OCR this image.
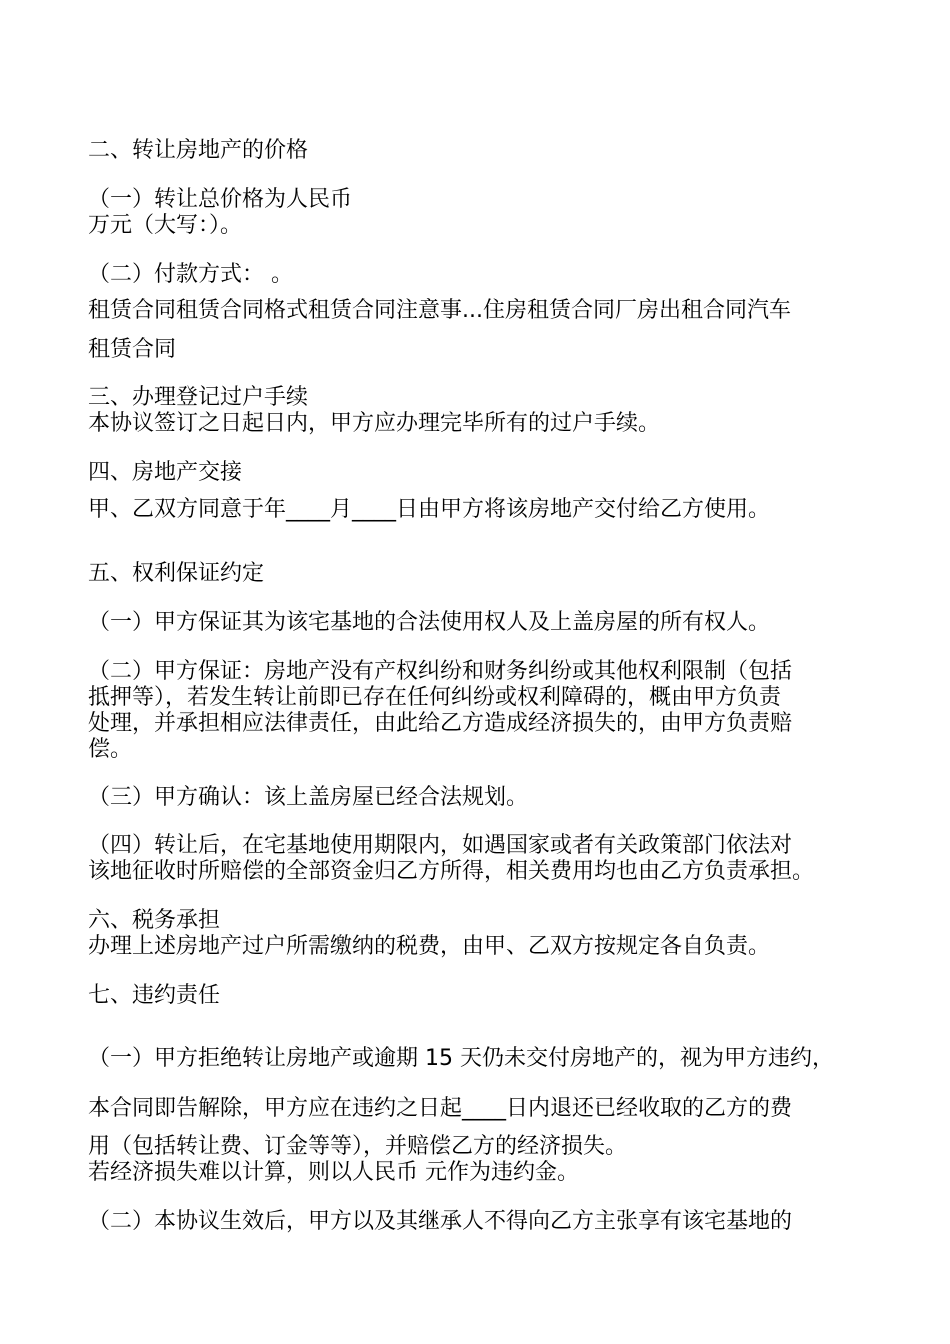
二、转让房地产的价格

（一）转让总价格为人民币

万元（大写：）。

（二）付款方式： 。

租赁合同租赁合同格式租赁合同注意事...住房租赁合同厂房出租合同汽车

租赁合同

三、办理登记过户手续

本协议签订之日起日内，甲方应办理完毕所有的过户手续。

四、房地产交接

甲、乙双方同意于年____月____日由甲方将该房地产交付给乙方使用。

五、权利保证约定

（一）甲方保证其为该宅基地的合法使用权人及上盖房屋的所有权人。

（二）甲方保证：房地产没有产权纠纷和财务纠纷或其他权利限制（包括

抵押等），若发生转让前即已存在任何纠纷或权利障碍的，概由甲方负责

处理，并承担相应法律责任，由此给乙方造成经济损失的，由甲方负责赔

偿。

（三）甲方确认：该上盖房屋已经合法规划。

（四）转让后，在宅基地使用期限内，如遇国家或者有关政策部门依法对

该地征收时所赔偿的全部资金归乙方所得，相关费用均也由乙方负责承担。

六、税务承担

办理上述房地产过户所需缴纳的税费，由甲、乙双方按规定各自负责。

七、违约责任

（一）甲方拒绝转让房地产或逾期 15 天仍未交付房地产的，视为甲方违约，

本合同即告解除，甲方应在违约之日起____日内退还已经收取的乙方的费

用（包括转让费、订金等等），并赔偿乙方的经济损失。

若经济损失难以计算，则以人民币 元作为违约金。

（二）本协议生效后，甲方以及其继承人不得向乙方主张享有该宅基地的
